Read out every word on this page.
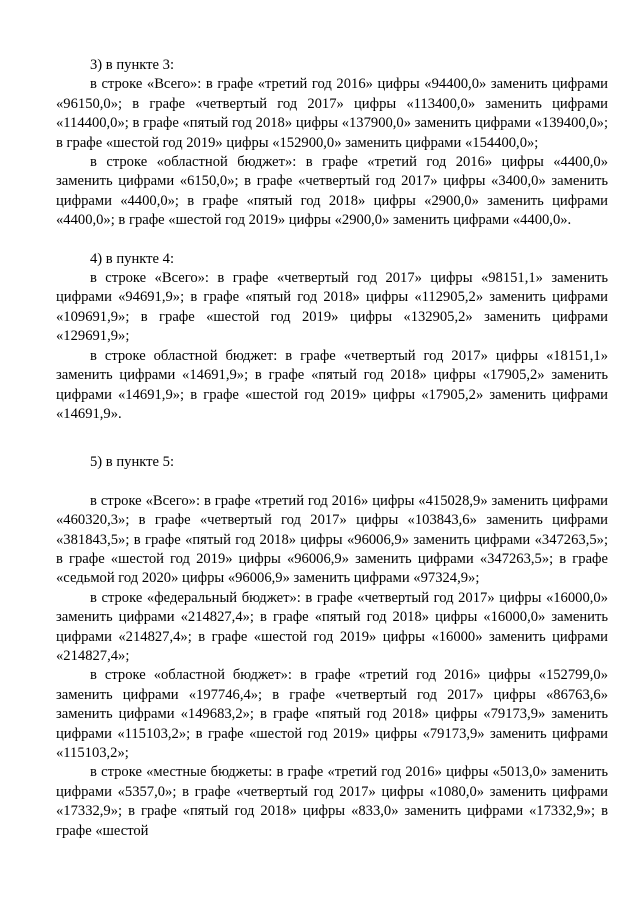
3) в пункте 3:

в строке «Всего»: в графе «третий год 2016» цифры «94400,0» заменить цифрами «96150,0»; в графе «четвертый год 2017» цифры «113400,0» заменить цифрами «114400,0»; в графе «пятый год 2018» цифры «137900,0» заменить цифрами «139400,0»; в графе «шестой год 2019» цифры «152900,0» заменить цифрами «154400,0»;

в строке «областной бюджет»: в графе «третий год 2016» цифры «4400,0» заменить цифрами «6150,0»; в графе «четвертый год 2017» цифры «3400,0» заменить цифрами «4400,0»; в графе «пятый год 2018» цифры «2900,0» заменить цифрами «4400,0»; в графе «шестой год 2019» цифры «2900,0» заменить цифрами «4400,0».

4) в пункте 4:

в строке «Всего»: в графе «четвертый год 2017» цифры «98151,1» заменить цифрами «94691,9»; в графе «пятый год 2018» цифры «112905,2» заменить цифрами «109691,9»; в графе «шестой год 2019» цифры «132905,2» заменить цифрами «129691,9»;

в строке областной бюджет: в графе «четвертый год 2017» цифры «18151,1» заменить цифрами «14691,9»; в графе «пятый год 2018» цифры «17905,2» заменить цифрами «14691,9»; в графе «шестой год 2019» цифры «17905,2» заменить цифрами «14691,9».

5) в пункте 5:

в строке «Всего»: в графе «третий год 2016» цифры «415028,9» заменить цифрами «460320,3»; в графе «четвертый год 2017» цифры «103843,6» заменить цифрами «381843,5»; в графе «пятый год 2018» цифры «96006,9» заменить цифрами «347263,5»; в графе «шестой год 2019» цифры «96006,9» заменить цифрами «347263,5»; в графе «седьмой год 2020» цифры «96006,9» заменить цифрами «97324,9»;

в строке «федеральный бюджет»: в графе «четвертый год 2017» цифры «16000,0» заменить цифрами «214827,4»; в графе «пятый год 2018» цифры «16000,0» заменить цифрами «214827,4»; в графе «шестой год 2019» цифры «16000» заменить цифрами «214827,4»;

в строке «областной бюджет»: в графе «третий год 2016» цифры «152799,0» заменить цифрами «197746,4»; в графе «четвертый год 2017» цифры «86763,6» заменить цифрами «149683,2»; в графе «пятый год 2018» цифры «79173,9» заменить цифрами «115103,2»; в графе «шестой год 2019» цифры «79173,9» заменить цифрами «115103,2»;

в строке «местные бюджеты: в графе «третий год 2016» цифры «5013,0» заменить цифрами «5357,0»; в графе «четвертый год 2017» цифры «1080,0» заменить цифрами «17332,9»; в графе «пятый год 2018» цифры «833,0» заменить цифрами «17332,9»; в графе «шестой
